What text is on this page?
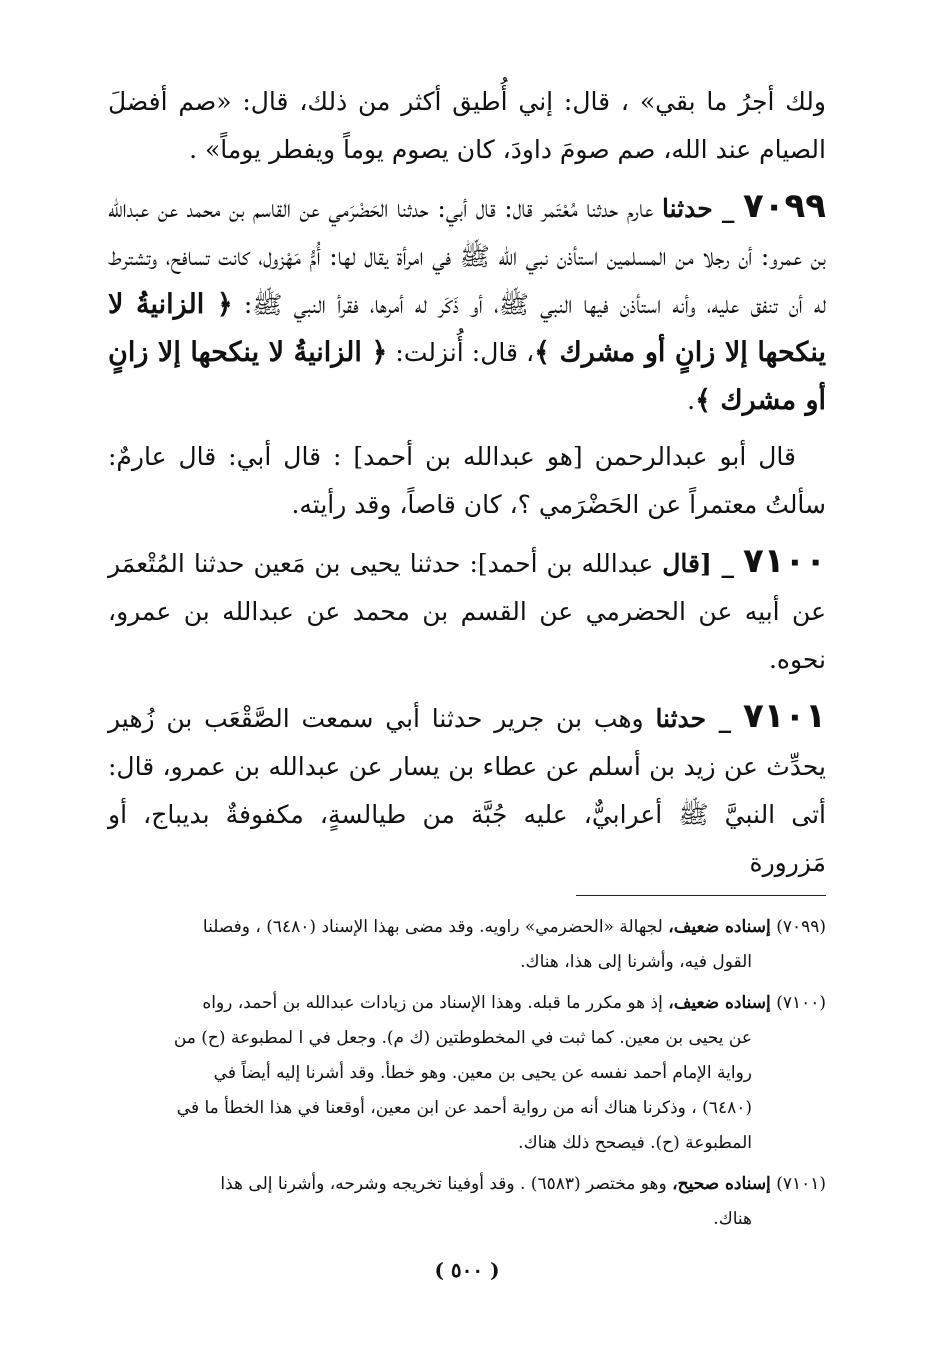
ولك أجرُ ما بقي» ، قال: إني أُطيق أكثر من ذلك، قال: «صم أفضلَ الصيام عند الله، صم صومَ داودَ، كان يصوم يوماً ويفطر يوماً» .

٧٠٩٩ _ حدثنا عارم حدثنا مُعْتَمر قال: قال أبي: حدثنا الحَضْرَمي عن القاسم بن محمد عن عبدالله بن عمرو: أن رجلا من المسلمين استأذن نبي الله ﷺ في امرأة يقال لها: أُمُّ مَهْزول، كانت تسافح، وتشترط له أن تنفق عليه، وأنه استأذن فيها النبي ﷺ، أو ذَكَر له أمرها، فقرأ النبي ﷺ: ﴿ الزانيةُ لا ينكحها إلا زانٍ أو مشرك ﴾، قال: أُنزلت: ﴿ الزانيةُ لا ينكحها إلا زانٍ أو مشرك ﴾.

قال أبو عبدالرحمن [هو عبدالله بن أحمد] : قال أبي: قال عارمٌ: سألتُ معتمراً عن الحَضْرَمي ؟، كان قاصاً، وقد رأيته.

٧١٠٠ _ [قال عبدالله بن أحمد]: حدثنا يحيى بن مَعين حدثنا المُتْعمَر عن أبيه عن الحضرمي عن القسم بن محمد عن عبدالله بن عمرو، نحوه.

٧١٠١ _ حدثنا وهب بن جرير حدثنا أبي سمعت الصَّقْعَب بن زُهير يحدِّث عن زيد بن أسلم عن عطاء بن يسار عن عبدالله بن عمرو، قال: أتى النبيَّ ﷺ أعرابيٌّ، عليه جُبَّة من طيالسةٍ، مكفوفةٌ بديباج، أو مَزرورة

(٧٠٩٩) إسناده ضعيف، لجهالة «الحضرمي» راويه. وقد مضى بهذا الإسناد (٦٤٨٠) ، وفصلنا
القول فيه، وأشرنا إلى هذا، هناك.

(٧١٠٠) إسناده ضعيف، إذ هو مكرر ما قبله. وهذا الإسناد من زيادات عبدالله بن أحمد، رواه
عن يحيى بن معين. كما ثبت في المخطوطتين (ك م). وجعل في ا لمطبوعة (ح) من
رواية الإمام أحمد نفسه عن يحيى بن معين. وهو خطأ. وقد أشرنا إليه أيضاً في
(٦٤٨٠) ، وذكرنا هناك أنه من رواية أحمد عن ابن معين، أوقعنا في هذا الخطأ ما في
المطبوعة (ح). فيصحح ذلك هناك.

(٧١٠١) إسناده صحيح، وهو مختصر (٦٥٨٣) . وقد أوفينا تخريجه وشرحه، وأشرنا إلى هذا
هناك.

( ٥٠٠ )
